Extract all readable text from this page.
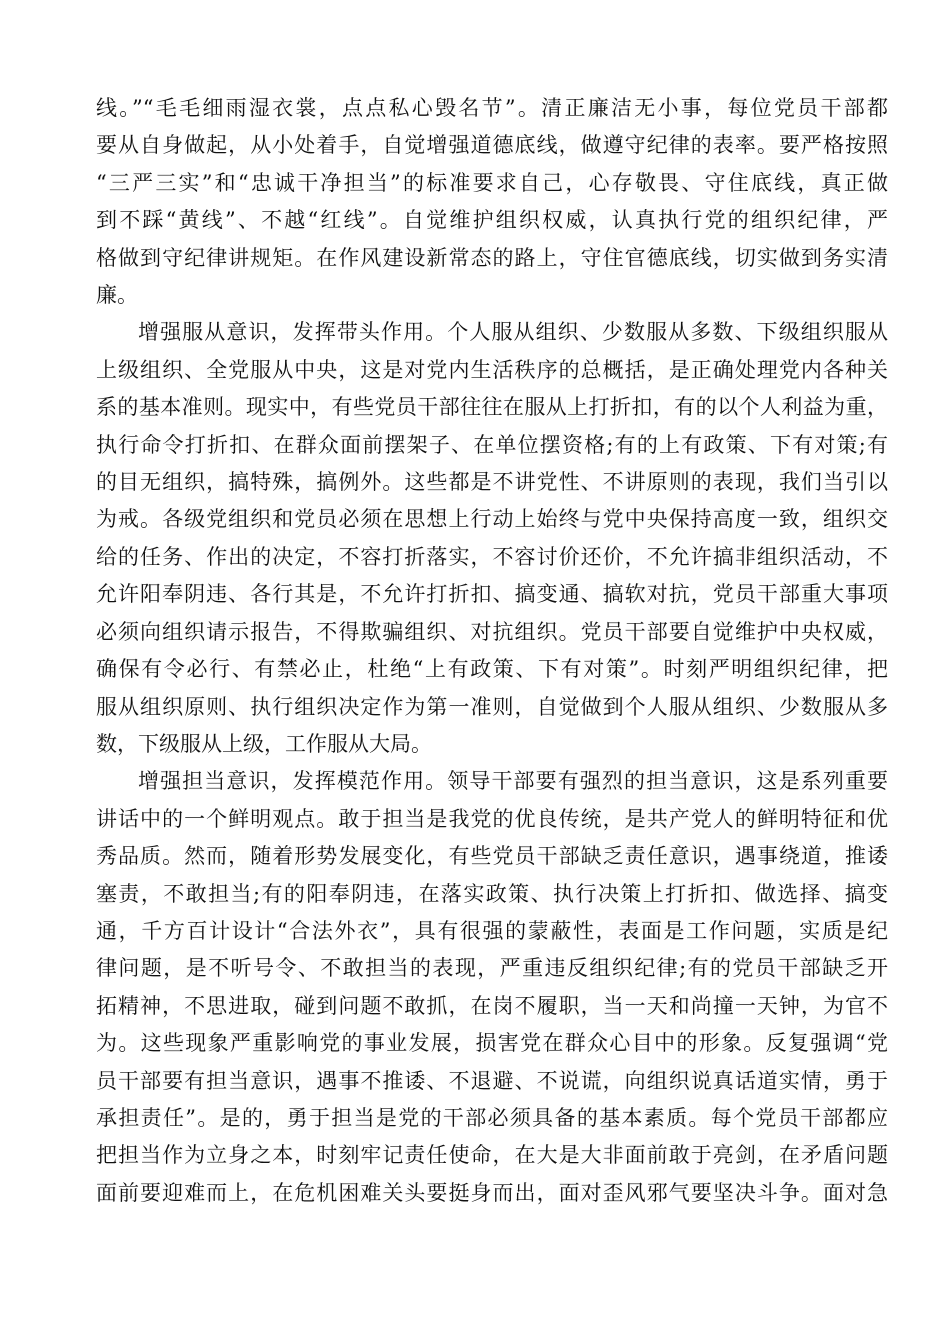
线。”“毛毛细雨湿衣裳，点点私心毁名节”。清正廉洁无小事，每位党员干部都
要从自身做起，从小处着手，自觉增强道德底线，做遵守纪律的表率。要严格按照
“三严三实”和“忠诚干净担当”的标准要求自己，心存敬畏、守住底线，真正做
到不踩“黄线”、不越“红线”。自觉维护组织权威，认真执行党的组织纪律，严
格做到守纪律讲规矩。在作风建设新常态的路上，守住官德底线，切实做到务实清
廉。

增强服从意识，发挥带头作用。个人服从组织、少数服从多数、下级组织服从
上级组织、全党服从中央，这是对党内生活秩序的总概括，是正确处理党内各种关
系的基本准则。现实中，有些党员干部往往在服从上打折扣，有的以个人利益为重，
执行命令打折扣、在群众面前摆架子、在单位摆资格;有的上有政策、下有对策;有
的目无组织，搞特殊，搞例外。这些都是不讲党性、不讲原则的表现，我们当引以
为戒。各级党组织和党员必须在思想上行动上始终与党中央保持高度一致，组织交
给的任务、作出的决定，不容打折落实，不容讨价还价，不允许搞非组织活动，不
允许阳奉阴违、各行其是，不允许打折扣、搞变通、搞软对抗，党员干部重大事项
必须向组织请示报告，不得欺骗组织、对抗组织。党员干部要自觉维护中央权威，
确保有令必行、有禁必止，杜绝“上有政策、下有对策”。时刻严明组织纪律，把
服从组织原则、执行组织决定作为第一准则，自觉做到个人服从组织、少数服从多
数，下级服从上级，工作服从大局。

增强担当意识，发挥模范作用。领导干部要有强烈的担当意识，这是系列重要
讲话中的一个鲜明观点。敢于担当是我党的优良传统，是共产党人的鲜明特征和优
秀品质。然而，随着形势发展变化，有些党员干部缺乏责任意识，遇事绕道，推诿
塞责，不敢担当;有的阳奉阴违，在落实政策、执行决策上打折扣、做选择、搞变
通，千方百计设计“合法外衣”，具有很强的蒙蔽性，表面是工作问题，实质是纪
律问题，是不听号令、不敢担当的表现，严重违反组织纪律;有的党员干部缺乏开
拓精神，不思进取，碰到问题不敢抓，在岗不履职，当一天和尚撞一天钟，为官不
为。这些现象严重影响党的事业发展，损害党在群众心目中的形象。反复强调“党
员干部要有担当意识，遇事不推诿、不退避、不说谎，向组织说真话道实情，勇于
承担责任”。是的，勇于担当是党的干部必须具备的基本素质。每个党员干部都应
把担当作为立身之本，时刻牢记责任使命，在大是大非面前敢于亮剑，在矛盾问题
面前要迎难而上，在危机困难关头要挺身而出，面对歪风邪气要坚决斗争。面对急
